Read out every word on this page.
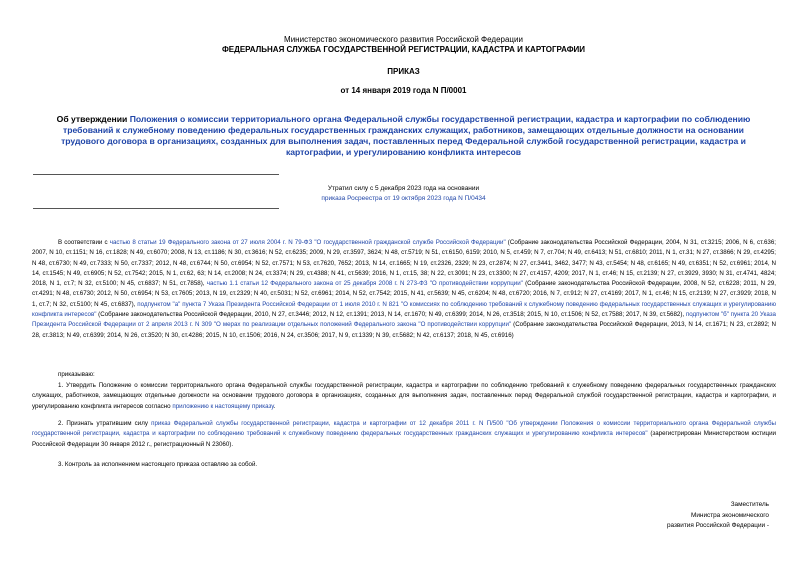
Министерство экономического развития Российской Федерации
ФЕДЕРАЛЬНАЯ СЛУЖБА ГОСУДАРСТВЕННОЙ РЕГИСТРАЦИИ, КАДАСТРА И КАРТОГРАФИИ
ПРИКАЗ
от 14 января 2019 года N П/0001
Об утверждении Положения о комиссии территориального органа Федеральной службы государственной регистрации, кадастра и картографии по соблюдению требований к служебному поведению федеральных государственных гражданских служащих, работников, замещающих отдельные должности на основании трудового договора в организациях, созданных для выполнения задач, поставленных перед Федеральной службой государственной регистрации, кадастра и картографии, и урегулированию конфликта интересов
Утратил силу с 5 декабря 2023 года на основании
приказа Росреестра от 19 октября 2023 года N П/0434
В соответствии с частью 8 статьи 19 Федерального закона от 27 июля 2004 г. N 79-ФЗ "О государственной гражданской службе Российской Федерации" (Собрание законодательства Российской Федерации, 2004, N 31, ст.3215; 2006, N 6, ст.636; 2007, N 10, ст.1151; N 16, ст.1828; N 49, ст.6070; 2008, N 13, ст.1186; N 30, ст.3616; N 52, ст.6235; 2009, N 29, ст.3597, 3624; N 48, ст.5719; N 51, ст.6150, 6159; 2010, N 5, ст.459; N 7, ст.704; N 49, ст.6413; N 51, ст.6810; 2011, N 1, ст.31; N 27, ст.3866; N 29, ст.4295; N 48, ст.6730; N 49, ст.7333; N 50, ст.7337; 2012, N 48, ст.6744; N 50, ст.6954; N 52, ст.7571; N 53, ст.7620, 7652; 2013, N 14, ст.1665; N 19, ст.2326, 2329; N 23, ст.2874; N 27, ст.3441, 3462, 3477; N 43, ст.5454; N 48, ст.6165; N 49, ст.6351; N 52, ст.6961; 2014, N 14, ст.1545; N 49, ст.6905; N 52, ст.7542; 2015, N 1, ст.62, 63; N 14, ст.2008; N 24, ст.3374; N 29, ст.4388; N 41, ст.5639; 2016, N 1, ст.15, 38; N 22, ст.3091; N 23, ст.3300; N 27, ст.4157, 4209; 2017, N 1, ст.46; N 15, ст.2139; N 27, ст.3929, 3930; N 31, ст.4741, 4824; 2018, N 1, ст.7; N 32, ст.5100; N 45, ст.6837; N 51, ст.7858), частью 1.1 статьи 12 Федерального закона от 25 декабря 2008 г. N 273-ФЗ "О противодействии коррупции" (Собрание законодательства Российской Федерации, 2008, N 52, ст.6228; 2011, N 29, ст.4291; N 48, ст.6730; 2012, N 50, ст.6954; N 53, ст.7605; 2013, N 19, ст.2329; N 40, ст.5031; N 52, ст.6961; 2014, N 52, ст.7542; 2015, N 41, ст.5639; N 45, ст.6204; N 48, ст.6720; 2016, N 7, ст.912; N 27, ст.4169; 2017, N 1, ст.46; N 15, ст.2139; N 27, ст.3929; 2018, N 1, ст.7; N 32, ст.5100; N 45, ст.6837), подпунктом "а" пункта 7 Указа Президента Российской Федерации от 1 июля 2010 г. N 821 "О комиссиях по соблюдению требований к служебному поведению федеральных государственных служащих и урегулированию конфликта интересов" (Собрание законодательства Российской Федерации, 2010, N 27, ст.3446; 2012, N 12, ст.1391; 2013, N 14, ст.1670; N 49, ст.6399; 2014, N 26, ст.3518; 2015, N 10, ст.1506; N 52, ст.7588; 2017, N 39, ст.5682), подпунктом "б" пункта 20 Указа Президента Российской Федерации от 2 апреля 2013 г. N 309 "О мерах по реализации отдельных положений Федерального закона "О противодействии коррупции" (Собрание законодательства Российской Федерации, 2013, N 14, ст.1671; N 23, ст.2892; N 28, ст.3813; N 49, ст.6399; 2014, N 26, ст.3520; N 30, ст.4286; 2015, N 10, ст.1506; 2016, N 24, ст.3506; 2017, N 9, ст.1339; N 39, ст.5682; N 42, ст.6137; 2018, N 45, ст.6916)
приказываю:
1. Утвердить Положение о комиссии территориального органа Федеральной службы государственной регистрации, кадастра и картографии по соблюдению требований к служебному поведению федеральных государственных гражданских служащих, работников, замещающих отдельные должности на основании трудового договора в организациях, созданных для выполнения задач, поставленных перед Федеральной службой государственной регистрации, кадастра и картографии, и урегулированию конфликта интересов согласно приложению к настоящему приказу.
2. Признать утратившим силу приказ Федеральной службы государственной регистрации, кадастра и картографии от 12 декабря 2011 г. N П/500 "Об утверждении Положения о комиссии территориального органа Федеральной службы государственной регистрации, кадастра и картографии по соблюдению требований к служебному поведению федеральных государственных гражданских служащих и урегулированию конфликта интересов" (зарегистрирован Министерством юстиции Российской Федерации 30 января 2012 г., регистрационный N 23060).
3. Контроль за исполнением настоящего приказа оставляю за собой.
Заместитель
Министра экономического
развития Российской Федерации -
